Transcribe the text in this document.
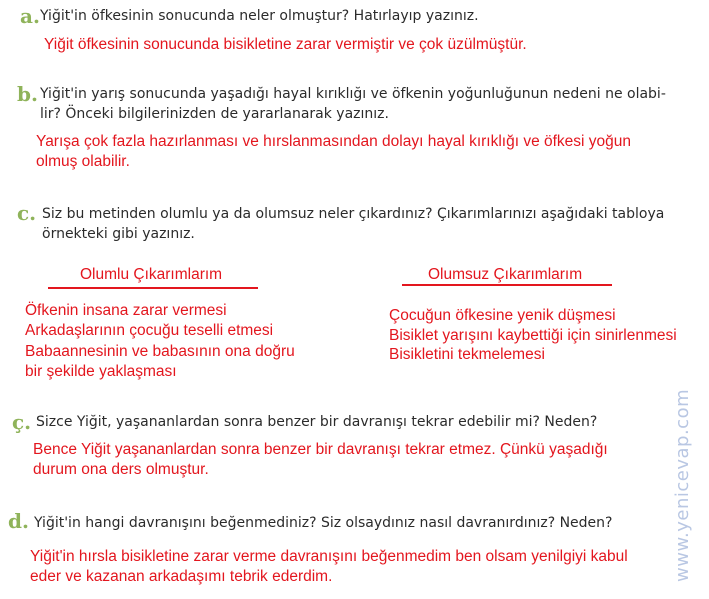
a. Yiğit'in öfkesinin sonucunda neler olmuştur? Hatırlayıp yazınız.
Yiğit öfkesinin sonucunda bisikletine zarar vermiştir ve çok üzülmüştür.
b. Yiğit'in yarış sonucunda yaşadığı hayal kırıklığı ve öfkenin yoğunluğunun nedeni ne olabi-
lir? Önceki bilgilerinizden de yararlanarak yazınız.
Yarışa çok fazla hazırlanması ve hırslanmasından dolayı hayal kırıklığı ve öfkesi yoğun
olmuş olabilir.
c. Siz bu metinden olumlu ya da olumsuz neler çıkardınız? Çıkarımlarınızı aşağıdaki tabloya
örnekteki gibi yazınız.
Olumlu Çıkarımlarım	Olumsuz Çıkarımlarım
Öfkenin insana zarar vermesi
Arkadaşlarının çocuğu teselli etmesi
Babaannesinin ve babasının ona doğru
bir şekilde yaklaşması
Çocuğun öfkesine yenik düşmesi
Bisiklet yarışını kaybettiği için sinirlenmesi
Bisikletini tekmelemesi
ç. Sizce Yiğit, yaşananlardan sonra benzer bir davranışı tekrar edebilir mi? Neden?
Bence Yiğit yaşananlardan sonra benzer bir davranışı tekrar etmez. Çünkü yaşadığı
durum ona ders olmuştur.
d. Yiğit'in hangi davranışını beğenmediniz? Siz olsaydınız nasıl davranırdınız? Neden?
Yiğit'in hırsla bisikletine zarar verme davranışını beğenmedim ben olsam yenilgiyi kabul
eder ve kazanan arkadaşımı tebrik ederdim.	www.yenicevap.com
